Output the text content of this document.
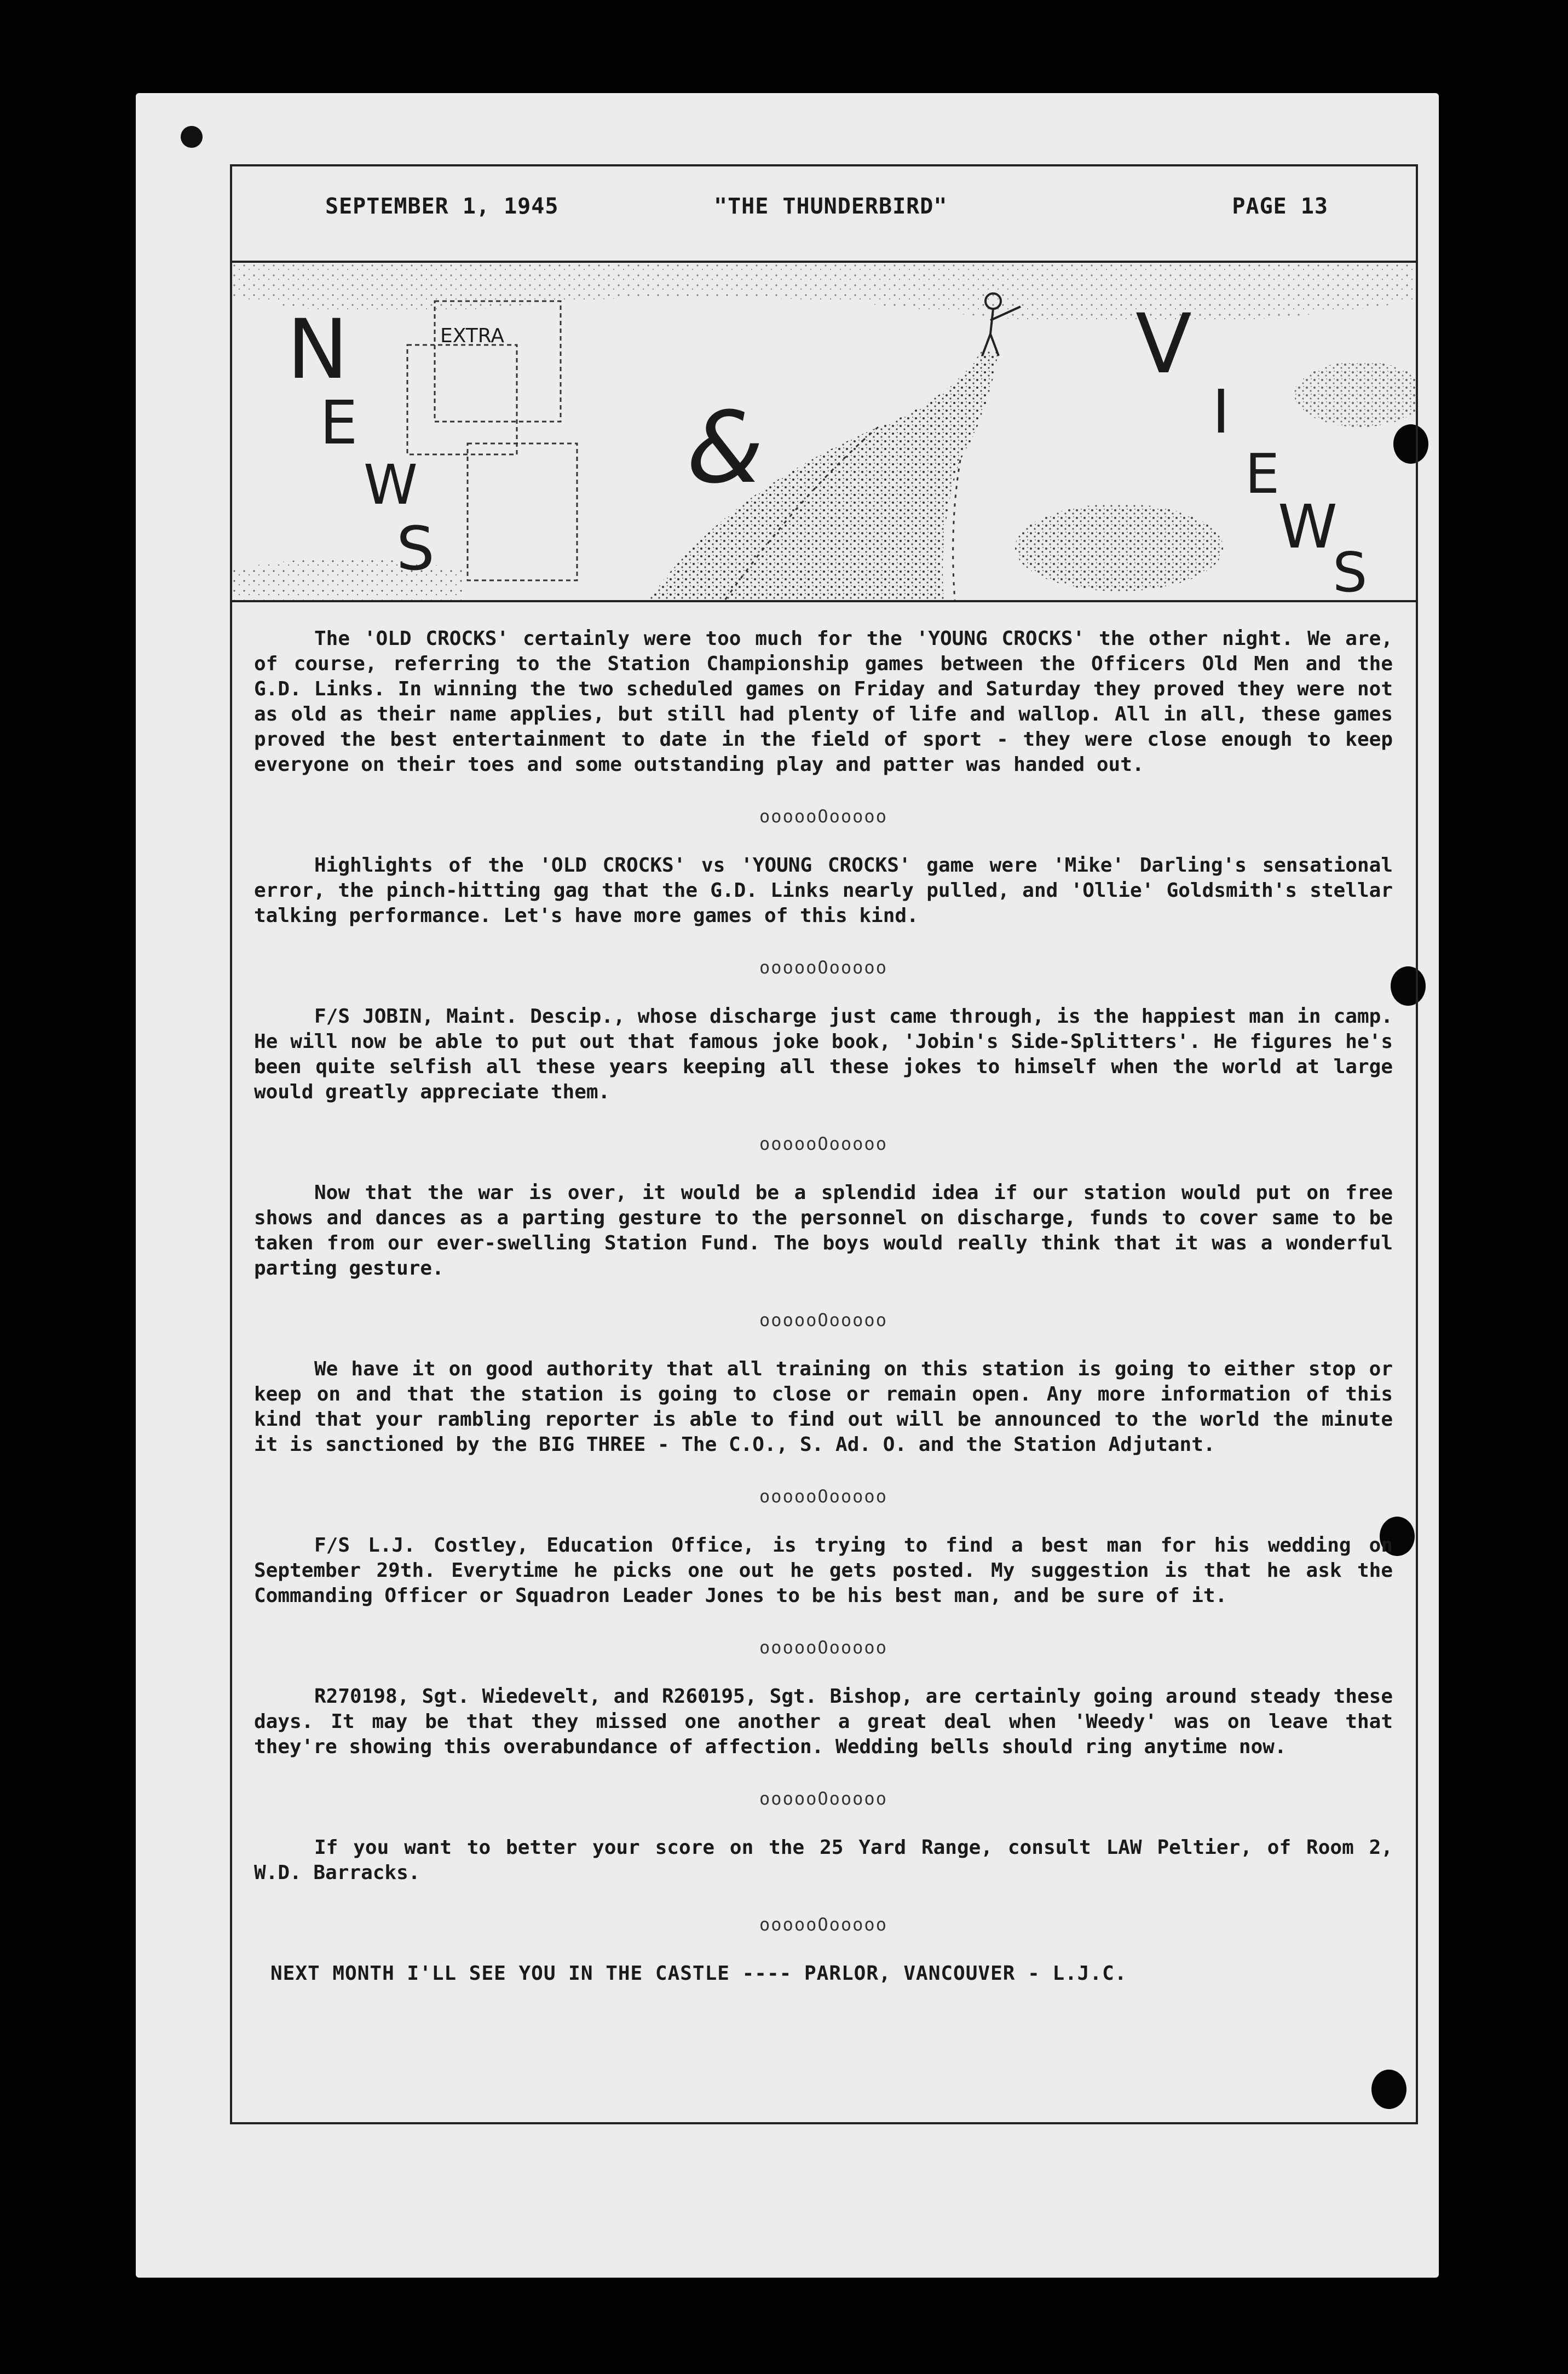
SEPTEMBER 1, 1945	"THE THUNDERBIRD"	PAGE 13
N
E
W
S
&
V
I
E
W
S
EXTRA

The 'OLD CROCKS' certainly were too much for the 'YOUNG CROCKS' the other night. We are, of course, referring to the Station Championship games between the Officers Old Men and the G.D. Links. In winning the two scheduled games on Friday and Saturday they proved they were not as old as their name applies, but still had plenty of life and wallop. All in all, these games proved the best entertainment to date in the field of sport - they were close enough to keep everyone on their toes and some outstanding play and patter was handed out.

oooooOooooo

Highlights of the 'OLD CROCKS' vs 'YOUNG CROCKS' game were 'Mike' Darling's sensational error, the pinch-hitting gag that the G.D. Links nearly pulled, and 'Ollie' Goldsmith's stellar talking performance. Let's have more games of this kind.

oooooOooooo

F/S JOBIN, Maint. Descip., whose discharge just came through, is the happiest man in camp. He will now be able to put out that famous joke book, 'Jobin's Side-Splitters'. He figures he's been quite selfish all these years keeping all these jokes to himself when the world at large would greatly appreciate them.

oooooOooooo

Now that the war is over, it would be a splendid idea if our station would put on free shows and dances as a parting gesture to the personnel on discharge, funds to cover same to be taken from our ever-swelling Station Fund. The boys would really think that it was a wonderful parting gesture.

oooooOooooo

We have it on good authority that all training on this station is going to either stop or keep on and that the station is going to close or remain open. Any more information of this kind that your rambling reporter is able to find out will be announced to the world the minute it is sanctioned by the BIG THREE - The C.O., S. Ad. O. and the Station Adjutant.

oooooOooooo

F/S L.J. Costley, Education Office, is trying to find a best man for his wedding on September 29th. Everytime he picks one out he gets posted. My suggestion is that he ask the Commanding Officer or Squadron Leader Jones to be his best man, and be sure of it.

oooooOooooo

R270198, Sgt. Wiedevelt, and R260195, Sgt. Bishop, are certainly going around steady these days. It may be that they missed one another a great deal when 'Weedy' was on leave that they're showing this overabundance of affection. Wedding bells should ring anytime now.

oooooOooooo

If you want to better your score on the 25 Yard Range, consult LAW Peltier, of Room 2, W.D. Barracks.

oooooOooooo
NEXT MONTH I'LL SEE YOU IN THE CASTLE ---- PARLOR, VANCOUVER - L.J.C.
